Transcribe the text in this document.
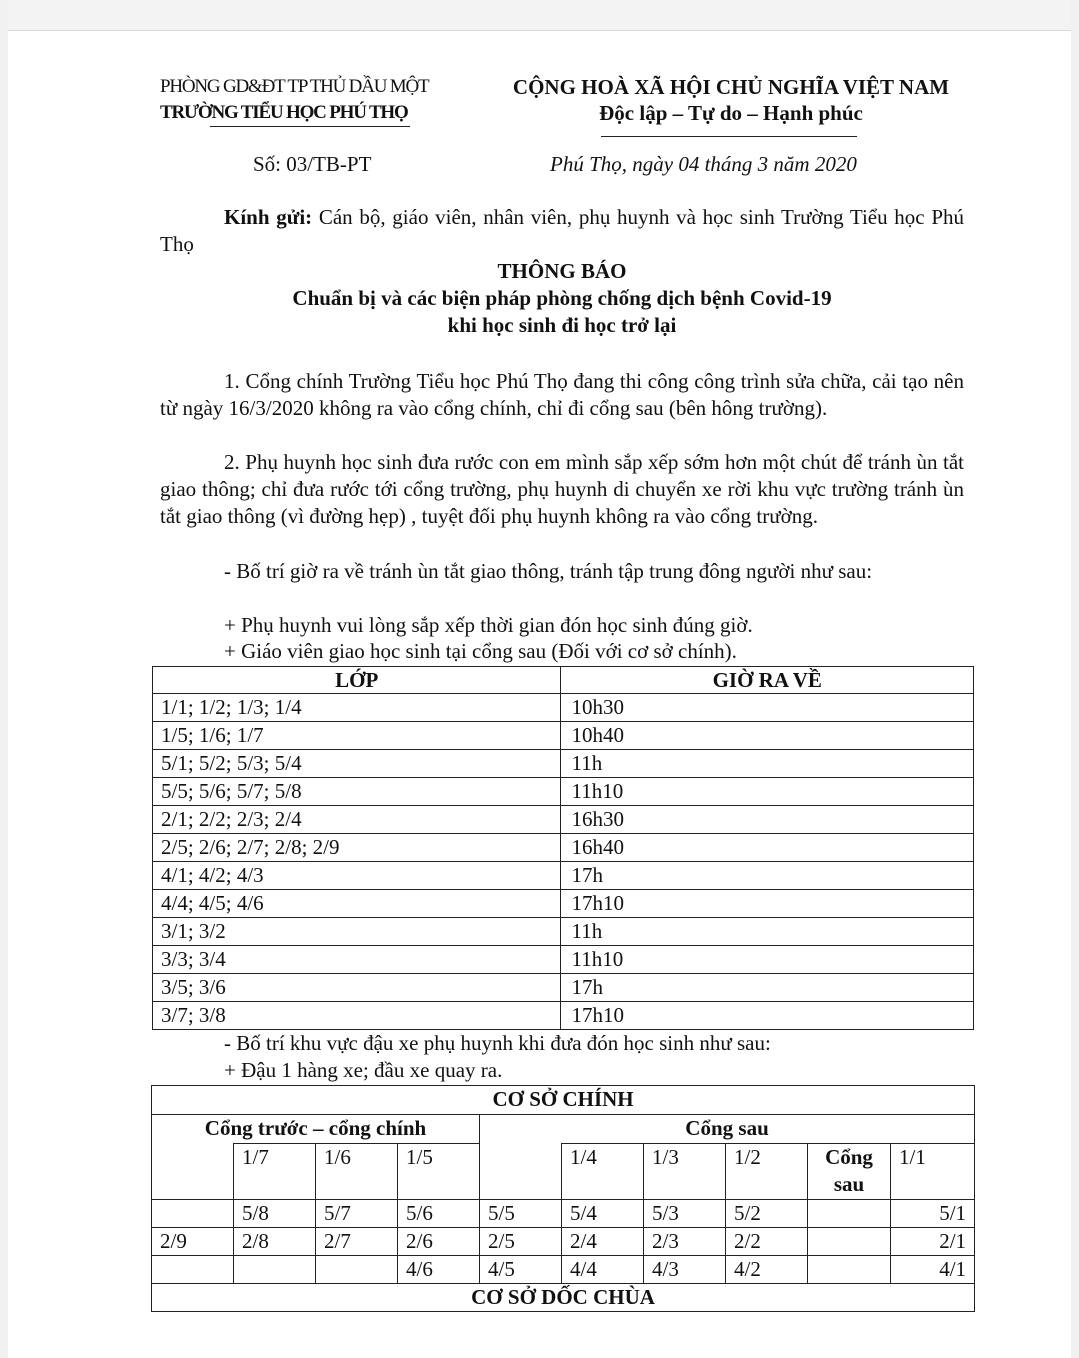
PHÒNG GD&ĐT TP THỦ DẦU MỘT
TRƯỜNG TIỂU HỌC PHÚ THỌ
CỘNG HOÀ XÃ HỘI CHỦ NGHĨA VIỆT NAM
Độc lập – Tự do – Hạnh phúc
Số: 03/TB-PT	Phú Thọ, ngày 04 tháng 3 năm 2020
Kính gửi: Cán bộ, giáo viên, nhân viên, phụ huynh và học sinh Trường Tiểu học Phú Thọ
THÔNG BÁO
Chuẩn bị và các biện pháp phòng chống dịch bệnh Covid-19
khi học sinh đi học trở lại
1. Cổng chính Trường Tiểu học Phú Thọ đang thi công công trình sửa chữa, cải tạo nên từ ngày 16/3/2020 không ra vào cổng chính, chỉ đi cổng sau (bên hông trường).
2. Phụ huynh học sinh đưa rước con em mình sắp xếp sớm hơn một chút để tránh ùn tắt giao thông; chỉ đưa rước tới cổng trường, phụ huynh di chuyển xe rời khu vực trường tránh ùn tắt giao thông (vì đường hẹp) , tuyệt đối phụ huynh không ra vào cổng trường.
- Bố trí giờ ra về tránh ùn tắt giao thông, tránh tập trung đông người như sau:
+ Phụ huynh vui lòng sắp xếp thời gian đón học sinh đúng giờ.
+ Giáo viên giao học sinh tại cổng sau (Đối với cơ sở chính).
LỚP	GIỜ RA VỀ
1/1; 1/2; 1/3; 1/4	10h30
1/5; 1/6; 1/7	10h40
5/1; 5/2; 5/3; 5/4	11h
5/5; 5/6; 5/7; 5/8	11h10
2/1; 2/2; 2/3; 2/4	16h30
2/5; 2/6; 2/7; 2/8; 2/9	16h40
4/1; 4/2; 4/3	17h
4/4; 4/5; 4/6	17h10
3/1; 3/2	11h
3/3; 3/4	11h10
3/5; 3/6	17h
3/7; 3/8	17h10
- Bố trí khu vực đậu xe phụ huynh khi đưa đón học sinh như sau:
+ Đậu 1 hàng xe; đầu xe quay ra.
CƠ SỞ CHÍNH									
Cổng trước – cổng chính				Cổng sau					
	1/7	1/6	1/5		1/4	1/3	1/2	Cổng sau	1/1
	5/8	5/7	5/6	5/5	5/4	5/3	5/2		5/1
2/9	2/8	2/7	2/6	2/5	2/4	2/3	2/2		2/1
			4/6	4/5	4/4	4/3	4/2		4/1
CƠ SỞ DỐC CHÙA									
